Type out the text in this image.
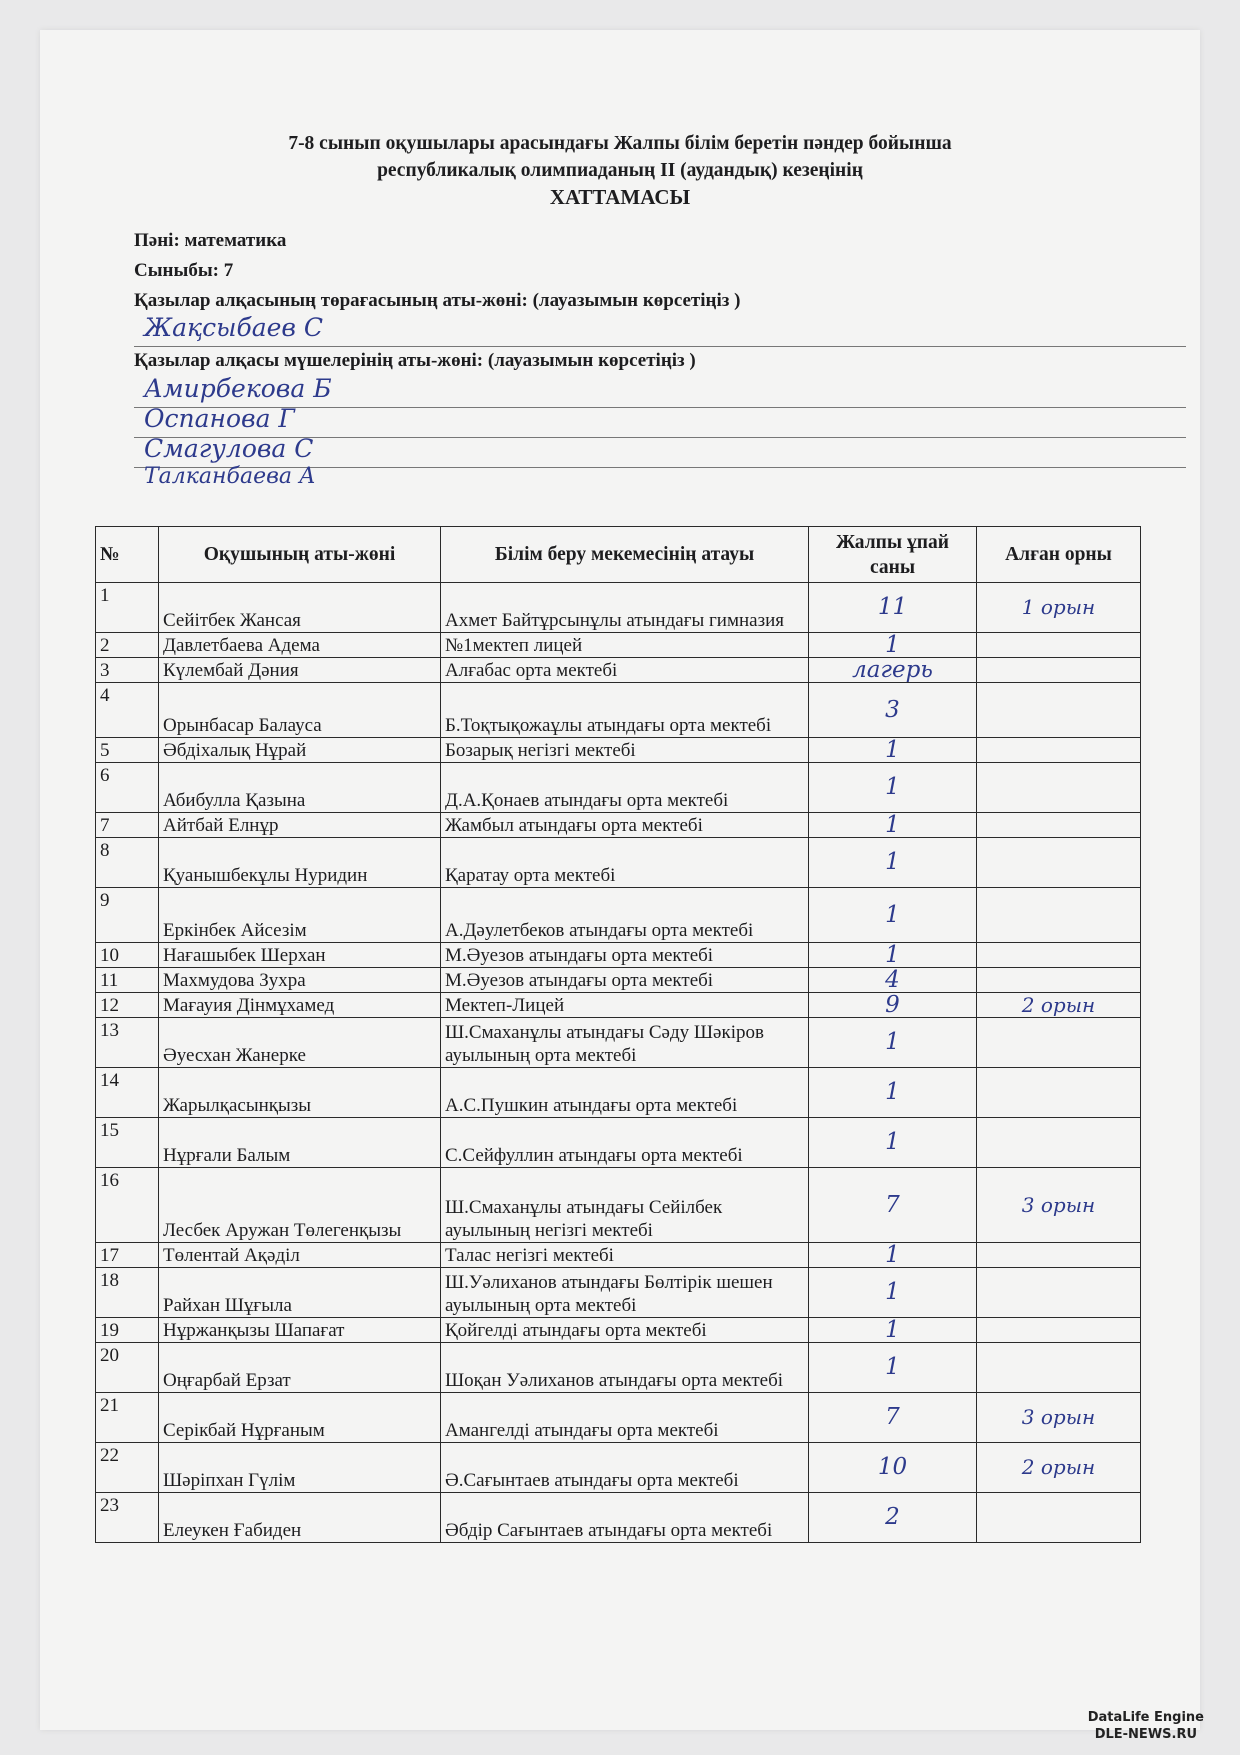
7-8 сынып оқушылары арасындағы Жалпы білім беретін пәндер бойынша
республикалық олимпиаданың II (аудандық) кезеңінің
ХАТТАМАСЫ
Пәні: математика
Сыныбы: 7
Қазылар алқасының төрағасының аты-жөні: (лауазымын көрсетіңіз )
Жақсыбаев С
Қазылар алқасы мүшелерінің аты-жөні: (лауазымын көрсетіңіз )
Амирбекова Б
Оспанова Г
Смагулова С
Талканбаева А
№	Оқушының аты-жөні	Білім беру мекемесінің атауы	Жалпы ұпай саны	Алған орны
1	Сейітбек Жансая	Ахмет Байтұрсынұлы атындағы гимназия	11	1 орын
2	Давлетбаева Адема	№1мектеп лицей	1	
3	Күлембай Дәния	Алғабас орта мектебі	лагерь	
4	Орынбасар Балауса	Б.Тоқтықожаұлы атындағы орта мектебі	3	
5	Әбдіхалық Нұрай	Бозарық негізгі мектебі	1	
6	Абибулла Қазына	Д.А.Қонаев атындағы орта мектебі	1	
7	Айтбай Елнұр	Жамбыл атындағы орта мектебі	1	
8	Қуанышбекұлы Нуридин	Қаратау орта мектебі	1	
9	Еркінбек Айсезім	А.Дәулетбеков атындағы орта мектебі	1	
10	Нағашыбек Шерхан	М.Әуезов атындағы орта мектебі	1	
11	Махмудова Зухра	М.Әуезов атындағы орта мектебі	4	
12	Мағауия Дінмұхамед	Мектеп-Лицей	9	2 орын
13	Әуесхан Жанерке	Ш.Смаханұлы атындағы Сәду Шәкіров ауылының орта мектебі	1	
14	Жарылқасынқызы	А.С.Пушкин атындағы орта мектебі	1	
15	Нұрғали Балым	С.Сейфуллин атындағы орта мектебі	1	
16	Лесбек Аружан Төлегенқызы	Ш.Смаханұлы атындағы Сейілбек ауылының негізгі мектебі	7	3 орын
17	Төлентай Ақәділ	Талас негізгі мектебі	1	
18	Райхан Шұғыла	Ш.Уәлиханов атындағы Бөлтірік шешен ауылының орта мектебі	1	
19	Нұржанқызы Шапағат	Қойгелді атындағы орта мектебі	1	
20	Оңғарбай Ерзат	Шоқан Уәлиханов атындағы орта мектебі	1	
21	Серікбай Нұрғаным	Амангелді атындағы орта мектебі	7	3 орын
22	Шәріпхан Гүлім	Ә.Сағынтаев атындағы орта мектебі	10	2 орын
23	Елеукен Ғабиден	Әбдір Сағынтаев атындағы орта мектебі	2	
DataLife Engine
DLE-NEWS.RU
